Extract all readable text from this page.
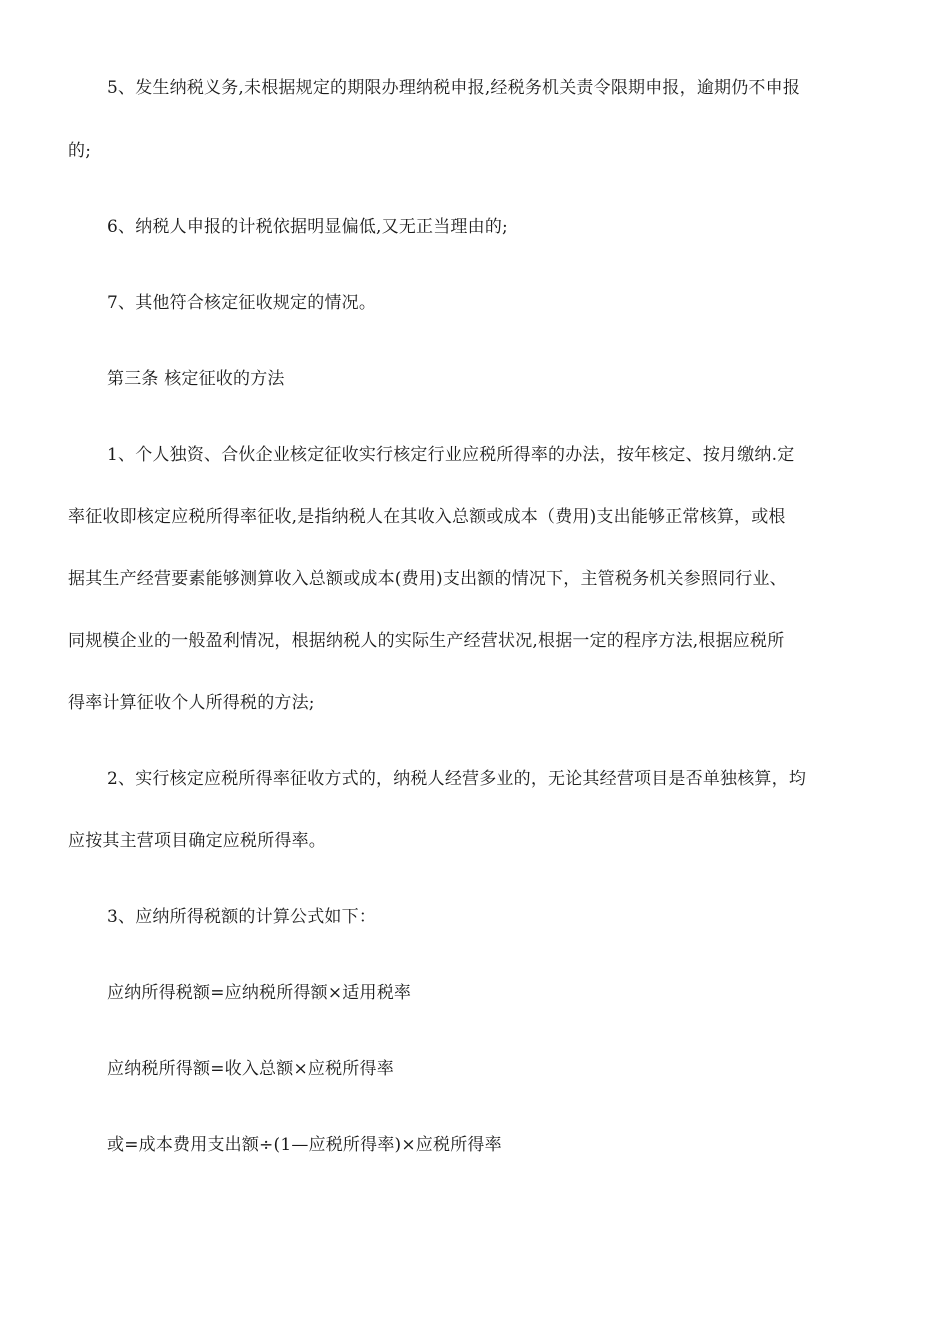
5、发生纳税义务,未根据规定的期限办理纳税申报,经税务机关责令限期申报，逾期仍不申报
的;
6、纳税人申报的计税依据明显偏低,又无正当理由的;
7、其他符合核定征收规定的情况。
第三条 核定征收的方法
1、个人独资、合伙企业核定征收实行核定行业应税所得率的办法，按年核定、按月缴纳.定
率征收即核定应税所得率征收,是指纳税人在其收入总额或成本（费用)支出能够正常核算，或根
据其生产经营要素能够测算收入总额或成本(费用)支出额的情况下，主管税务机关参照同行业、
同规模企业的一般盈利情况，根据纳税人的实际生产经营状况,根据一定的程序方法,根据应税所
得率计算征收个人所得税的方法;
2、实行核定应税所得率征收方式的，纳税人经营多业的，无论其经营项目是否单独核算，均
应按其主营项目确定应税所得率。
3、应纳所得税额的计算公式如下：
应纳所得税额=应纳税所得额×适用税率
应纳税所得额=收入总额×应税所得率
或=成本费用支出额÷(1—应税所得率)×应税所得率
